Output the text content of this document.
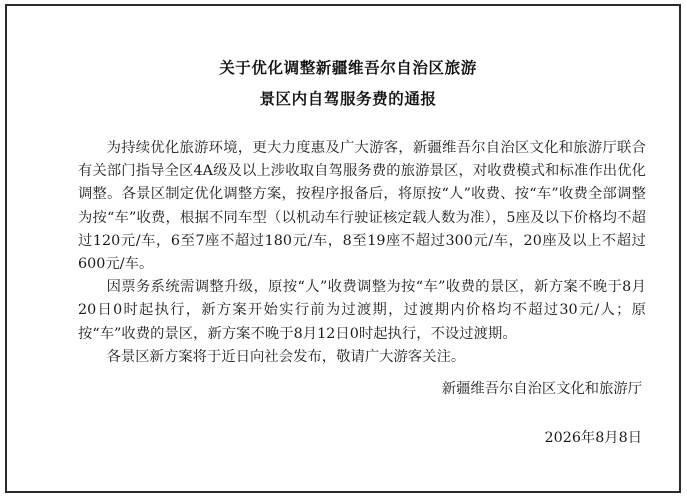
关于优化调整新疆维吾尔自治区旅游
景区内自驾服务费的通报

为持续优化旅游环境，更大力度惠及广大游客，新疆维吾尔自治区文化和旅游厅联合有关部门指导全区4A级及以上涉收取自驾服务费的旅游景区，对收费模式和标准作出优化调整。各景区制定优化调整方案，按程序报备后，将原按“人”收费、按“车”收费全部调整为按“车”收费，根据不同车型（以机动车行驶证核定载人数为准），5座及以下价格均不超过120元/车，6至7座不超过180元/车，8至19座不超过300元/车，20座及以上不超过600元/车。

因票务系统需调整升级，原按“人”收费调整为按“车”收费的景区，新方案不晚于8月20日0时起执行，新方案开始实行前为过渡期，过渡期内价格均不超过30元/人；原按“车”收费的景区，新方案不晚于8月12日0时起执行，不设过渡期。

各景区新方案将于近日向社会发布，敬请广大游客关注。

新疆维吾尔自治区文化和旅游厅
2026年8月8日
